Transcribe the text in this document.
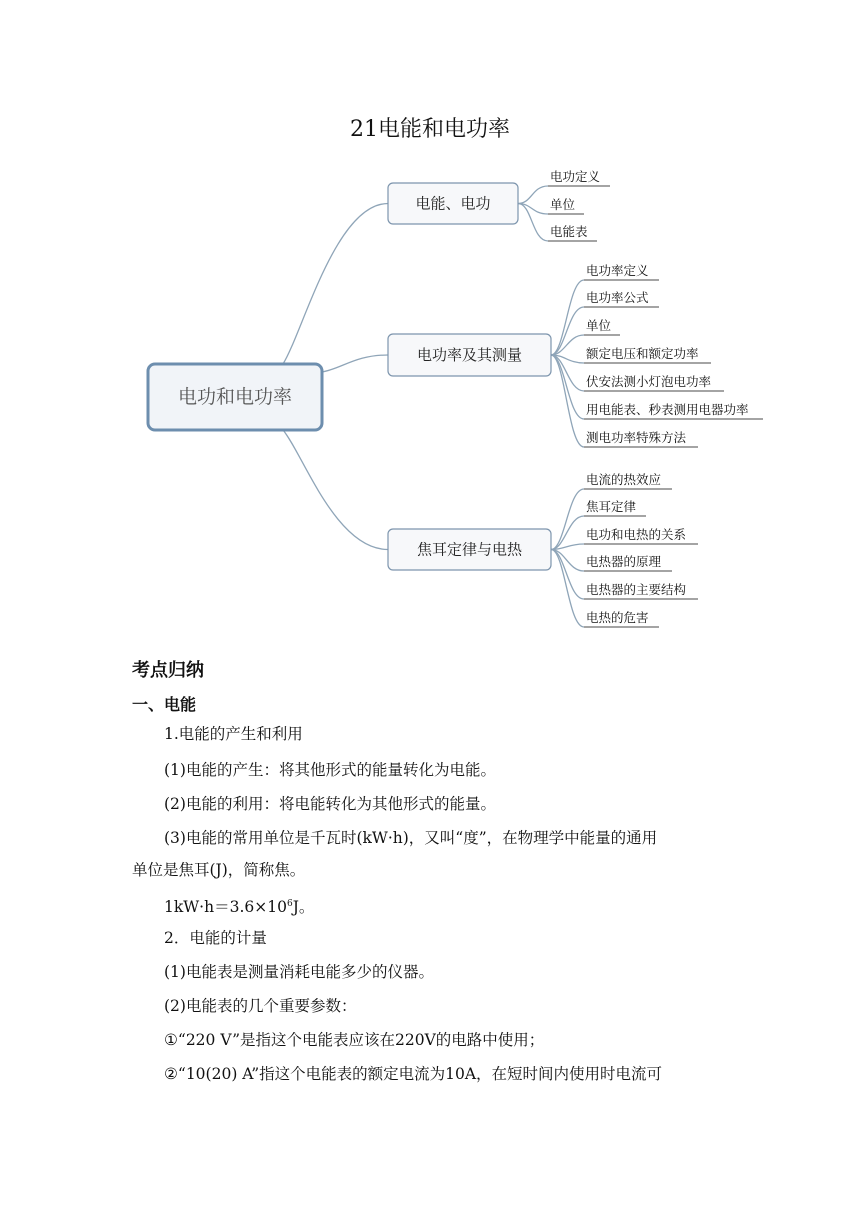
21电能和电功率
电功和电功率
电能、电功
电功率及其测量
焦耳定律与电热
电功定义
单位
电能表
电功率定义
电功率公式
单位
额定电压和额定功率
伏安法测小灯泡电功率
用电能表、秒表测用电器功率
测电功率特殊方法
电流的热效应
焦耳定律
电功和电热的关系
电热器的原理
电热器的主要结构
电热的危害
考点归纳
一、电能
1.电能的产生和利用
(1)电能的产生：将其他形式的能量转化为电能。
(2)电能的利用：将电能转化为其他形式的能量。
(3)电能的常用单位是千瓦时(kW·h)，又叫“度”，在物理学中能量的通用
单位是焦耳(J)，简称焦。
$1kW\cdot h=3.6\times 10^6J$。
2．电能的计量
(1)电能表是测量消耗电能多少的仪器。
(2)电能表的几个重要参数：
①“220 V”是指这个电能表应该在220V的电路中使用；
②“10(20) A”指这个电能表的额定电流为10A，在短时间内使用时电流可
